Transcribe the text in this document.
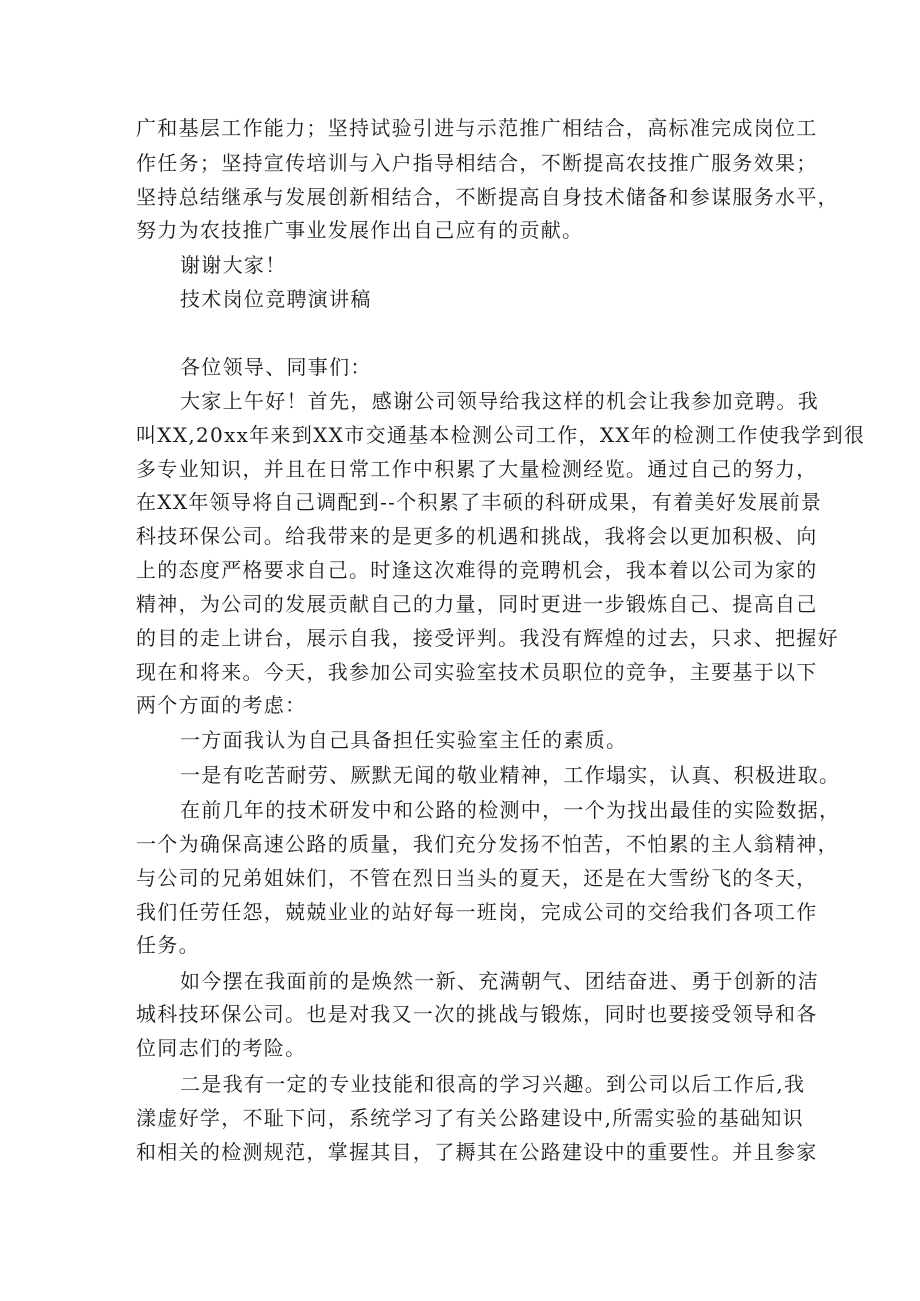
广和基层工作能力；坚持试验引进与示范推广相结合，高标准完成岗位工
作任务；坚持宣传培训与入户指导相结合，不断提高农技推广服务效果；
坚持总结继承与发展创新相结合，不断提高自身技术储备和参谋服务水平，
努力为农技推广事业发展作出自己应有的贡献。
谢谢大家！
技术岗位竞聘演讲稿
各位领导、同事们：
大家上午好！首先，感谢公司领导给我这样的机会让我参加竞聘。我
叫XX,20xx年来到XX市交通基本检测公司工作，XX年的检测工作使我学到很
多专业知识，并且在日常工作中积累了大量检测经览。通过自己的努力，
在XX年领导将自己调配到--个积累了丰硕的科研成果，有着美好发展前景
科技环保公司。给我带来的是更多的机遇和挑战，我将会以更加积极、向
上的态度严格要求自己。时逢这次难得的竞聘机会，我本着以公司为家的
精神，为公司的发展贡献自己的力量，同时更进一步锻炼自己、提高自己
的目的走上讲台，展示自我，接受评判。我没有辉煌的过去，只求、把握好
现在和将来。今天，我参加公司实验室技术员职位的竞争，主要基于以下
两个方面的考虑：
一方面我认为自己具备担任实验室主任的素质。
一是有吃苦耐劳、厥默无闻的敬业精神，工作塌实，认真、积极进取。
在前几年的技术研发中和公路的检测中，一个为找出最佳的实险数据，
一个为确保高速公路的质量，我们充分发扬不怕苦，不怕累的主人翁精神，
与公司的兄弟姐妹们，不管在烈日当头的夏天，还是在大雪纷飞的冬天，
我们任劳任怨，兢兢业业的站好每一班岗，完成公司的交给我们各项工作
任务。
如今摆在我面前的是焕然一新、充满朝气、团结奋进、勇于创新的洁
城科技环保公司。也是对我又一次的挑战与锻炼，同时也要接受领导和各
位同志们的考险。
二是我有一定的专业技能和很高的学习兴趣。到公司以后工作后,我
漾虚好学，不耻下问，系统学习了有关公路建设中,所需实验的基础知识
和相关的检测规范，掌握其目，了耨其在公路建设中的重要性。并且参家
